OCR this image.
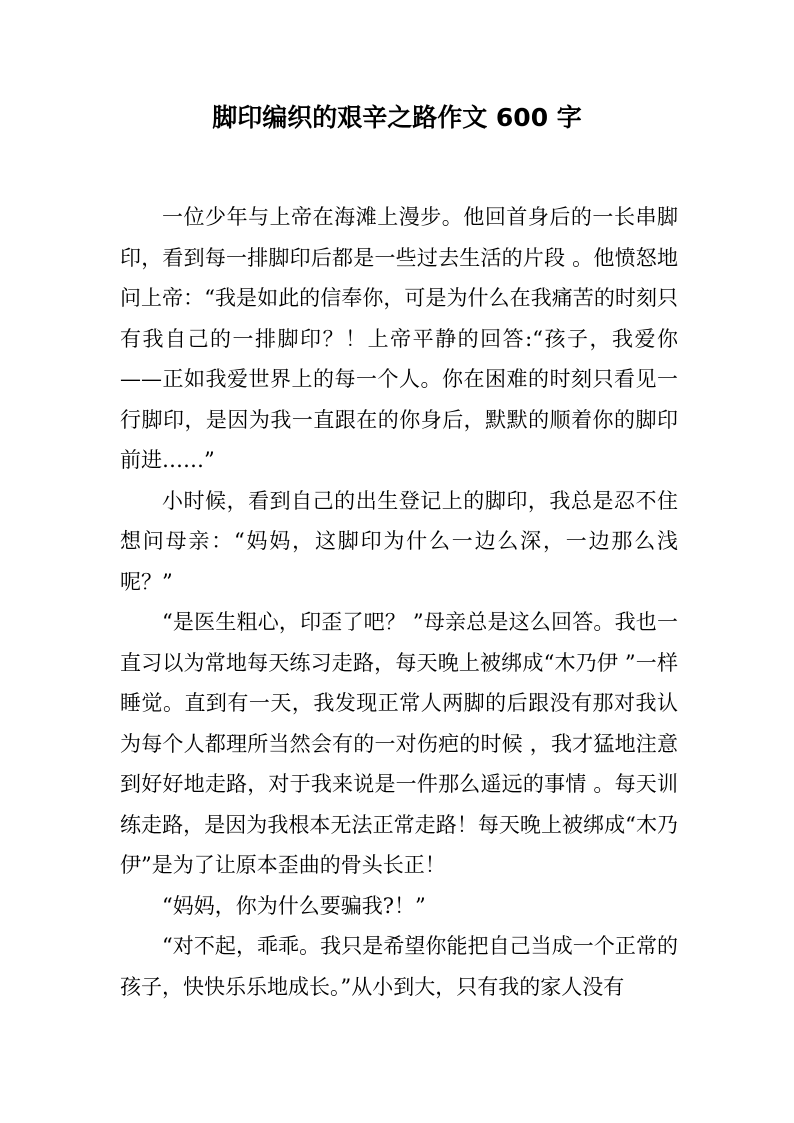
脚印编织的艰辛之路作文 600 字

一位少年与上帝在海滩上漫步。他回首身后的一长串脚印，看到每一排脚印后都是一些过去生活的片段 。他愤怒地问上帝：“我是如此的信奉你，可是为什么在我痛苦的时刻只有我自己的一排脚印？！上帝平静的回答:“孩子，我爱你——正如我爱世界上的每一个人。你在困难的时刻只看见一行脚印，是因为我一直跟在的你身后，默默的顺着你的脚印前进……”

小时候，看到自己的出生登记上的脚印，我总是忍不住想问母亲：“妈妈，这脚印为什么一边么深，一边那么浅呢？”

“是医生粗心，印歪了吧？ ”母亲总是这么回答。我也一直习以为常地每天练习走路，每天晚上被绑成“木乃伊 ”一样睡觉。直到有一天，我发现正常人两脚的后跟没有那对我认为每个人都理所当然会有的一对伤疤的时候 ，我才猛地注意到好好地走路，对于我来说是一件那么遥远的事情 。每天训练走路，是因为我根本无法正常走路！每天晚上被绑成“木乃伊”是为了让原本歪曲的骨头长正！

“妈妈，你为什么要骗我?！”

“对不起，乖乖。我只是希望你能把自己当成一个正常的孩子，快快乐乐地成长。”从小到大，只有我的家人没有
